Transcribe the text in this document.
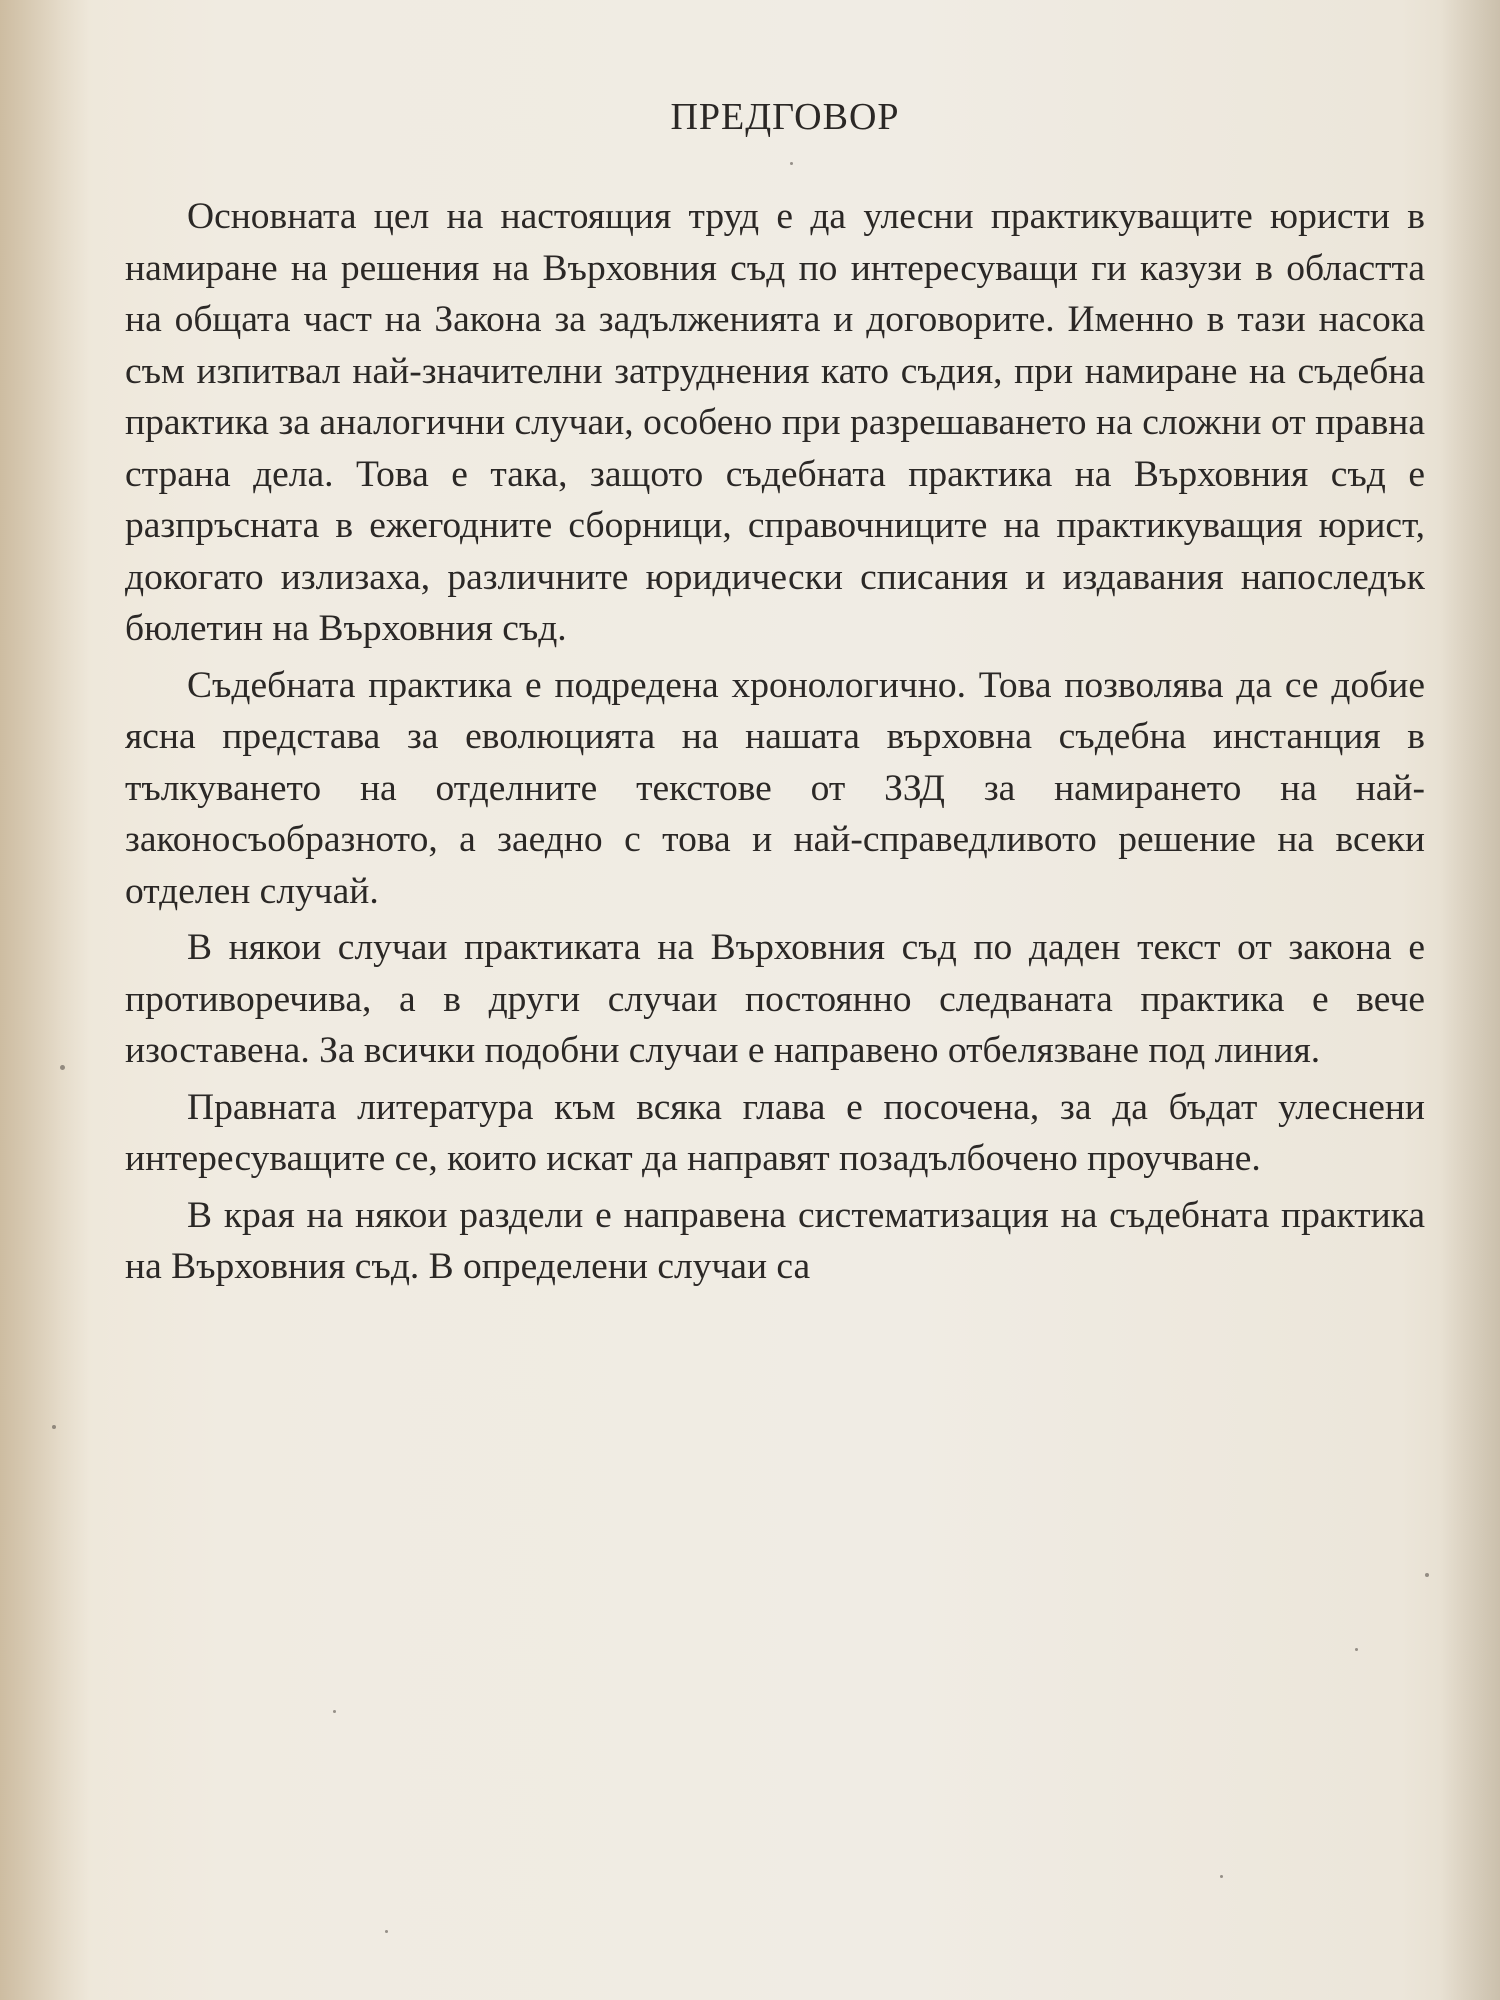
ПРЕДГОВОР

Основната цел на настоящия труд е да улесни практикуващите юристи в намиране на решения на Върховния съд по интересуващи ги казузи в областта на общата част на Закона за задълженията и договорите. Именно в тази насока съм изпитвал най-значителни затруднения като съдия, при намиране на съдебна практика за аналогични случаи, особено при разрешаването на сложни от правна страна дела. Това е така, защото съдебната практика на Върховния съд е разпръсната в ежегодните сборници, справочниците на практикуващия юрист, докогато излизаха, различните юридически списания и издавания напоследък бюлетин на Върховния съд.

Съдебната практика е подредена хронологично. Това позволява да се добие ясна представа за еволюцията на нашата върховна съдебна инстанция в тълкуването на отделните текстове от ЗЗД за намирането на най-законосъобразното, а заедно с това и най-справедливото решение на всеки отделен случай.

В някои случаи практиката на Върховния съд по даден текст от закона е противоречива, а в други случаи постоянно следваната практика е вече изоставена. За всички подобни случаи е направено отбелязване под линия.

Правната литература към всяка глава е посочена, за да бъдат улеснени интересуващите се, които искат да направят позадълбочено проучване.

В края на някои раздели е направена систематизация на съдебната практика на Върховния съд. В определени случаи са
